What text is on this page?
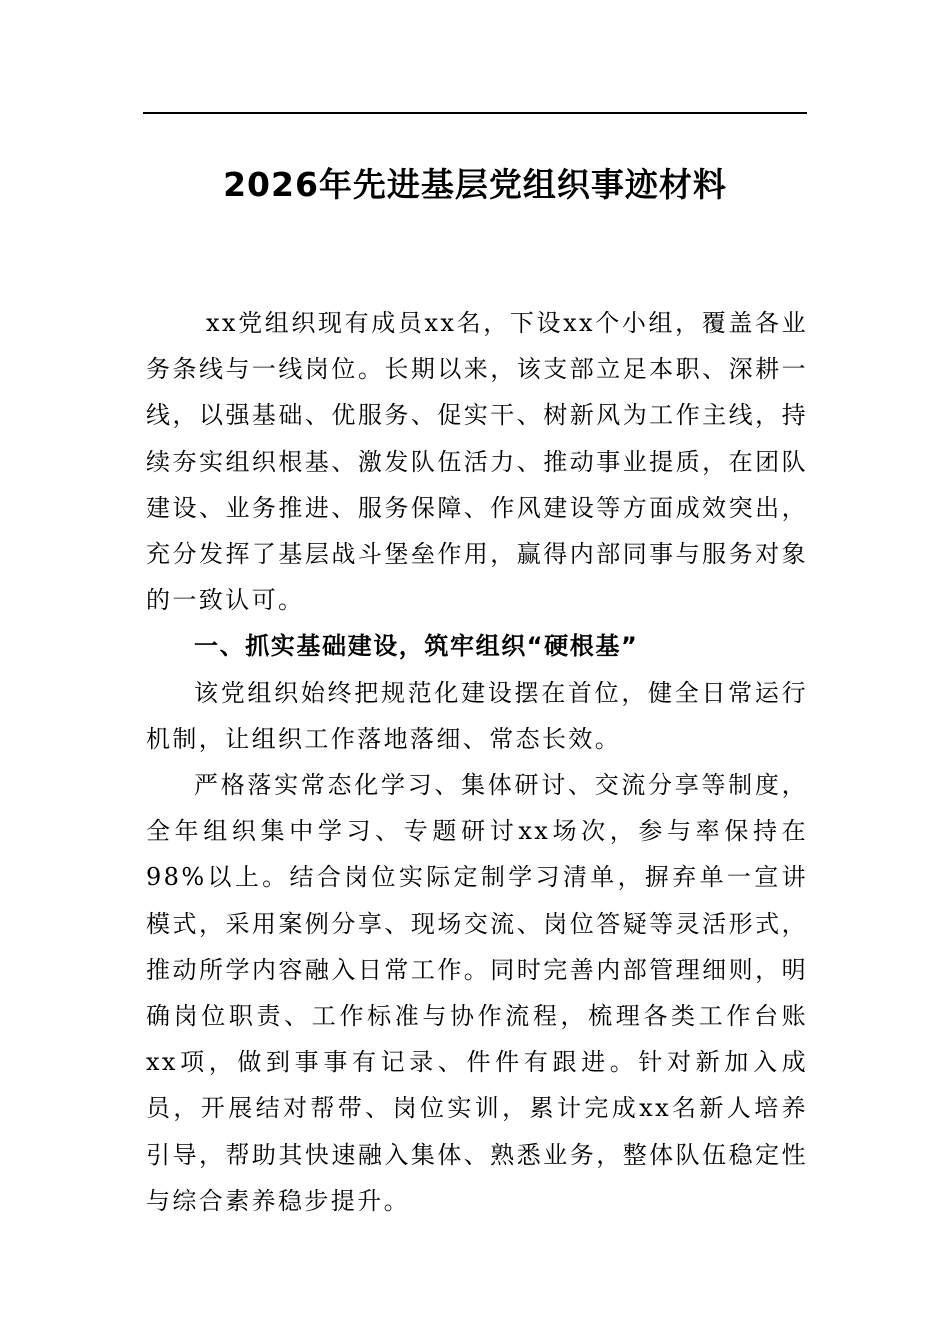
2026年先进基层党组织事迹材料

xx党组织现有成员xx名，下设xx个小组，覆盖各业务条线与一线岗位。长期以来，该支部立足本职、深耕一线，以强基础、优服务、促实干、树新风为工作主线，持续夯实组织根基、激发队伍活力、推动事业提质，在团队建设、业务推进、服务保障、作风建设等方面成效突出，充分发挥了基层战斗堡垒作用，赢得内部同事与服务对象的一致认可。

一、抓实基础建设，筑牢组织“硬根基”

该党组织始终把规范化建设摆在首位，健全日常运行机制，让组织工作落地落细、常态长效。

严格落实常态化学习、集体研讨、交流分享等制度，全年组织集中学习、专题研讨xx场次，参与率保持在98%以上。结合岗位实际定制学习清单，摒弃单一宣讲模式，采用案例分享、现场交流、岗位答疑等灵活形式，推动所学内容融入日常工作。同时完善内部管理细则，明确岗位职责、工作标准与协作流程，梳理各类工作台账xx项，做到事事有记录、件件有跟进。针对新加入成员，开展结对帮带、岗位实训，累计完成xx名新人培养引导，帮助其快速融入集体、熟悉业务，整体队伍稳定性与综合素养稳步提升。
